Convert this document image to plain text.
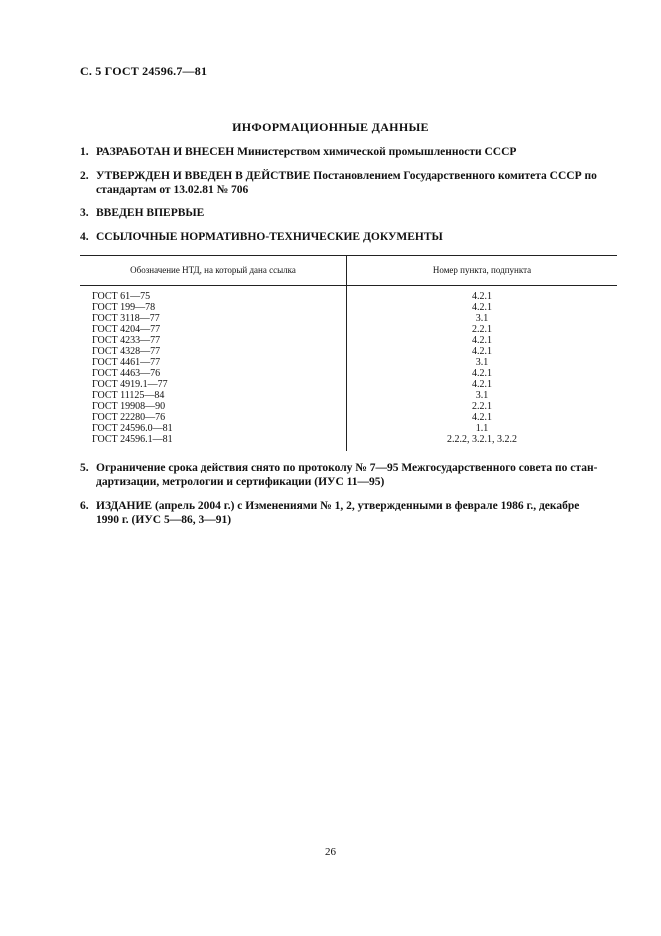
С. 5 ГОСТ 24596.7—81
ИНФОРМАЦИОННЫЕ ДАННЫЕ
1. РАЗРАБОТАН И ВНЕСЕН Министерством химической промышленности СССР
2. УТВЕРЖДЕН И ВВЕДЕН В ДЕЙСТВИЕ Постановлением Государственного комитета СССР по
стандартам от 13.02.81 № 706
3. ВВЕДЕН ВПЕРВЫЕ
4. ССЫЛОЧНЫЕ НОРМАТИВНО-ТЕХНИЧЕСКИЕ ДОКУМЕНТЫ
Обозначение НТД, на который дана ссылка	Номер пункта, подпункта
ГОСТ 61—75	4.2.1
ГОСТ 199—78	4.2.1
ГОСТ 3118—77	3.1
ГОСТ 4204—77	2.2.1
ГОСТ 4233—77	4.2.1
ГОСТ 4328—77	4.2.1
ГОСТ 4461—77	3.1
ГОСТ 4463—76	4.2.1
ГОСТ 4919.1—77	4.2.1
ГОСТ 11125—84	3.1
ГОСТ 19908—90	2.2.1
ГОСТ 22280—76	4.2.1
ГОСТ 24596.0—81	1.1
ГОСТ 24596.1—81	2.2.2, 3.2.1, 3.2.2
5. Ограничение срока действия снято по протоколу № 7—95 Межгосударственного совета по стан-
дартизации, метрологии и сертификации (ИУС 11—95)
6. ИЗДАНИЕ (апрель 2004 г.) с Изменениями № 1, 2, утвержденными в феврале 1986 г., декабре
1990 г. (ИУС 5—86, 3—91)
26
